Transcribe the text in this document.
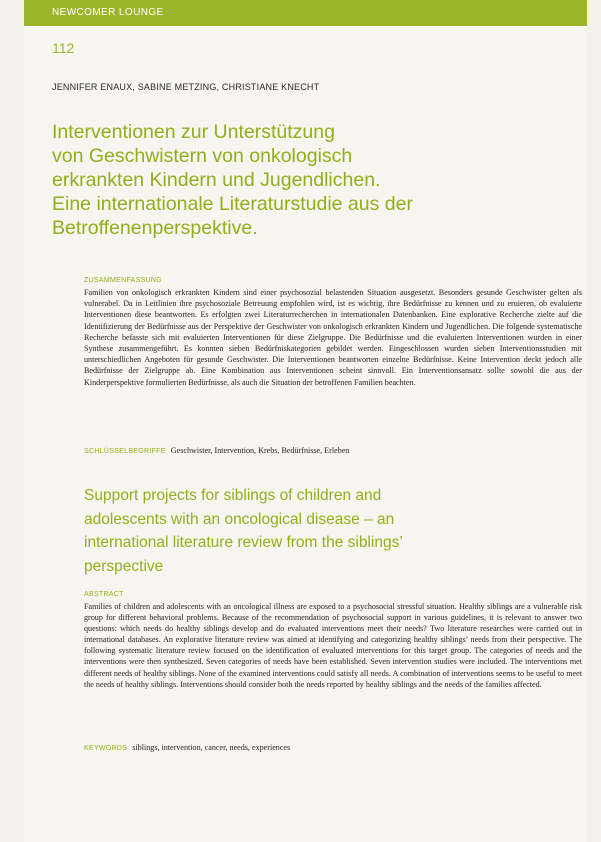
NEWCOMER LOUNGE
112
JENNIFER ENAUX, SABINE METZING, CHRISTIANE KNECHT
Interventionen zur Unterstützung
von Geschwistern von onkologisch
erkrankten Kindern und Jugendlichen.
Eine internationale Literaturstudie aus der
Betroffenenperspektive.
ZUSAMMENFASSUNG

Familien von onkologisch erkrankten Kindern sind einer psychosozial belastenden Situation ausgesetzt. Besonders gesunde Geschwister gelten als vulnerabel. Da in Leitlinien ihre psychosoziale Betreuung empfohlen wird, ist es wichtig, ihre Bedürfnisse zu kennen und zu eruieren, ob evaluierte Interventionen diese beantworten. Es erfolgten zwei Literaturrecherchen in internationalen Datenbanken. Eine explorative Recherche zielte auf die Identifizierung der Bedürfnisse aus der Perspektive der Geschwister von onkologisch erkrankten Kindern und Jugendlichen. Die folgende systematische Recherche befasste sich mit evaluierten Interventionen für diese Zielgruppe. Die Bedürfnisse und die evaluierten Interventionen wurden in einer Synthese zusammengeführt. Es konnten sieben Bedürfniskategorien gebildet werden. Eingeschlossen wurden sieben Interventionsstudien mit unterschiedlichen Angeboten für gesunde Geschwister. Die Interventionen beantworten einzelne Bedürfnisse. Keine Intervention deckt jedoch alle Bedürfnisse der Zielgruppe ab. Eine Kombination aus Interventionen scheint sinnvoll. Ein Interventionsansatz sollte sowohl die aus der Kinderperspektive formulierten Bedürfnisse, als auch die Situation der betroffenen Familien beachten.

SCHLÜSSELBEGRIFFE Geschwister, Intervention, Krebs, Bedürfnisse, Erleben
Support projects for siblings of children and
adolescents with an oncological disease – an
international literature review from the siblings’
perspective
ABSTRACT

Families of children and adolescents with an oncological illness are exposed to a psychosocial stressful situation. Healthy siblings are a vulnerable risk group for different behavioral problems. Because of the recommendation of psychosocial support in various guidelines, it is relevant to answer two questions: which needs do healthy siblings develop and do evaluated interventions meet their needs? Two literature researches were carried out in international databases. An explorative literature review was aimed at identifying and categorizing healthy siblings’ needs from their perspective. The following systematic literature review focused on the identification of evaluated interventions for this target group. The categories of needs and the interventions were then synthesized. Seven categories of needs have been established. Seven intervention studies were included. The interventions met different needs of healthy siblings. None of the examined interventions could satisfy all needs. A combination of interventions seems to be useful to meet the needs of healthy siblings. Interventions should consider both the needs reported by healthy siblings and the needs of the families affected.

KEYWORDS siblings, intervention, cancer, needs, experiences
